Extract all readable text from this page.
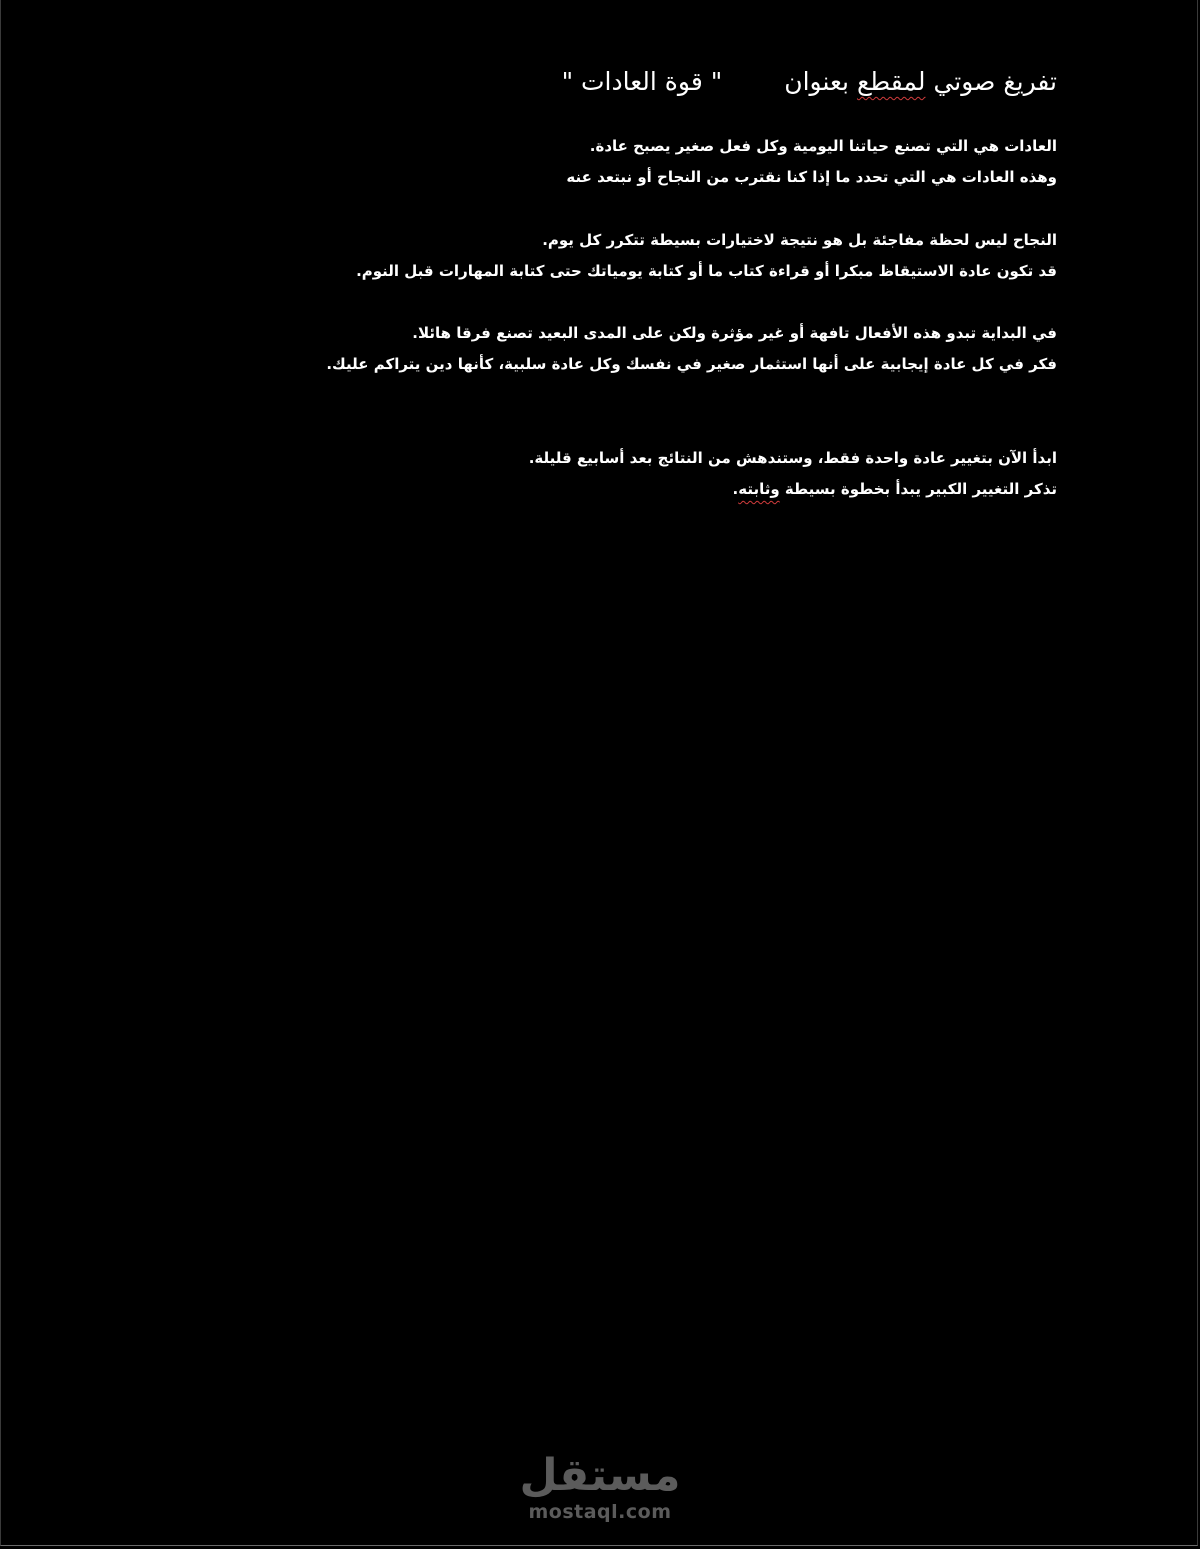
تفريغ صوتي لمقطع بعنوان" قوة العادات "

العادات هي التي تصنع حياتنا اليومية وكل فعل صغير يصبح عادة.
وهذه العادات هي التي تحدد ما إذا كنا نقترب من النجاح أو نبتعد عنه

النجاح ليس لحظة مفاجئة بل هو نتيجة لاختيارات بسيطة تتكرر كل يوم.
قد تكون عادة الاستيقاظ مبكرا أو قراءة كتاب ما أو كتابة يومياتك حتى كتابة المهارات قبل النوم.

في البداية تبدو هذه الأفعال تافهة أو غير مؤثرة ولكن على المدى البعيد تصنع فرقا هائلا.
فكر في كل عادة إيجابية على أنها استثمار صغير في نفسك وكل عادة سلبية، كأنها دين يتراكم عليك.

ابدأ الآن بتغيير عادة واحدة فقط، وستندهش من النتائج بعد أسابيع قليلة.
تذكر التغيير الكبير يبدأ بخطوة بسيطة وثابته.

مستقل
mostaql.com
